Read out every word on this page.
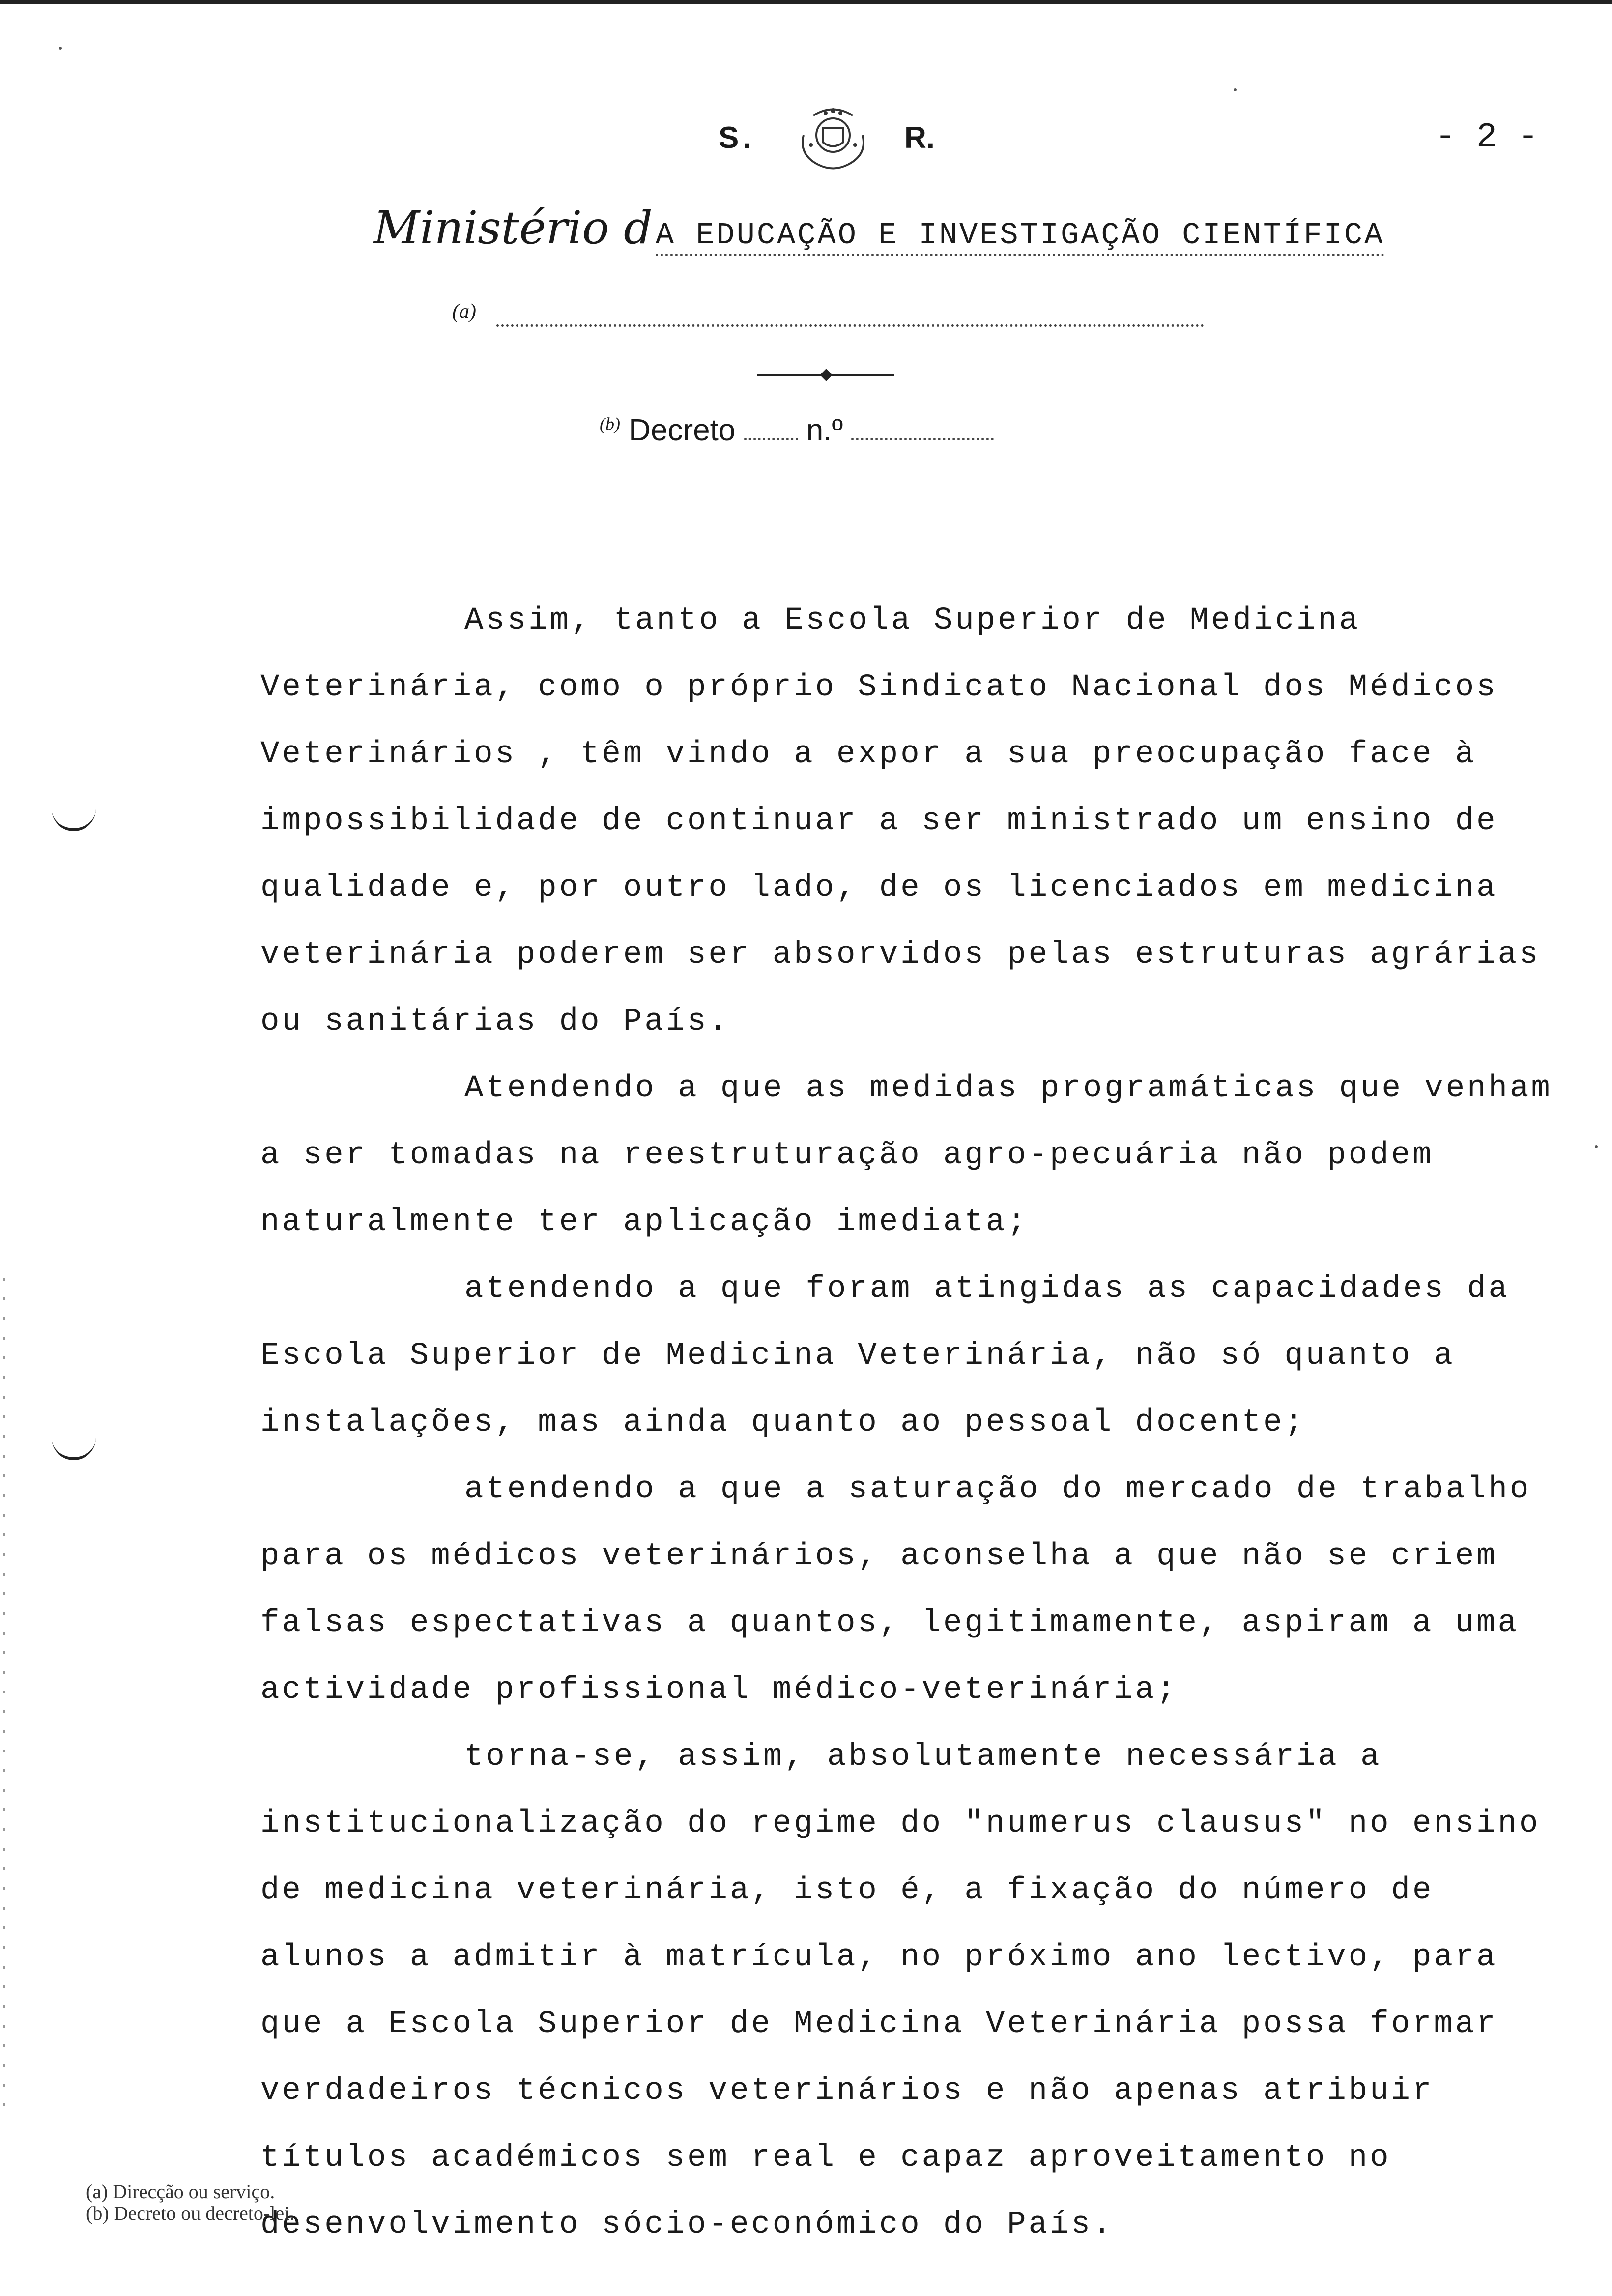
S.	R.	- 2 -
Ministério dA EDUCAÇÃO E INVESTIGAÇÃO CIENTÍFICA
(a)
$^{(b)}$ Decreto n.º

Assim, tanto a Escola Superior de Medicina Veterinária, como o próprio Sindicato Nacional dos Médicos Veterinários , têm vindo a expor a sua preocupação face à impossibilidade de continuar a ser ministrado um ensino de qualidade e, por outro lado, de os licenciados em medicina veterinária poderem ser absorvidos pelas estruturas agrárias ou sanitárias do País.

Atendendo a que as medidas programáticas que venham a ser tomadas na reestruturação agro-pecuária não podem naturalmente ter aplicação imediata;

atendendo a que foram atingidas as capacidades da Escola Superior de Medicina Veterinária, não só quanto a instalações, mas ainda quanto ao pessoal docente;

atendendo a que a saturação do mercado de trabalho para os médicos veterinários, aconselha a que não se criem falsas espectativas a quantos, legitimamente, aspiram a uma actividade profissional médico-veterinária;

torna-se, assim, absolutamente necessária a institucionalização do regime do "numerus clausus" no ensino de medicina veterinária, isto é, a fixação do número de alunos a admitir à matrícula, no próximo ano lectivo, para que a Escola Superior de Medicina Veterinária possa formar verdadeiros técnicos veterinários e não apenas atribuir títulos académicos sem real e capaz aproveitamento no desenvolvimento sócio-económico do País.

(a) Direcção ou serviço.
(b) Decreto ou decreto-lei.
